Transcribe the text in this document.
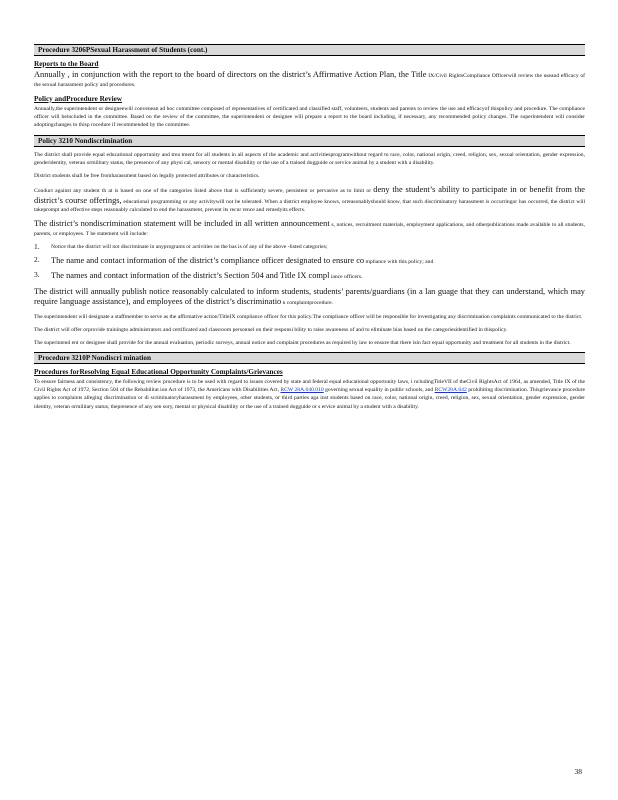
Procedure 3206PSexual Harassment of Students (cont.)
Reports to the Board
Annually , in conjunction with the report to the board of directors on the district’s Affirmative Action Plan, the Title IX/Civil RightsCompliance Officerwill review the useand efficacy of the sexual harassment policy and procedures.
Policy andProcedure Review
Annually,the superintendent or designeewill convenean ad hoc committee composed of representatives of certificated and classified staff, volunteers, students and parents to review the use and efficacyof thispolicy and procedure. The compliance officer will beincluded in the committee. Based on the review of the committee, the superintendent or designee will prepare a report to the board including, if necessary, any recommended policy changes. The superintendent will consider adoptingchanges to thisp rocedure if recommended by the committee.
Policy 3210 Nondiscrimination
The district shall provide equal educational opportunity and trea tment for all students in all aspects of the academic and activitiesprogramwithout regard to race, color, national origin, creed, religion, sex, sexual orientation, gender expression, genderidentity, veteran ormilitary status, the presence of any physi cal, sensory or mental disability or the use of a trained dogguide or service animal by a student with a disability.
District students shall be free fromharassment based on legally protected attributes or characteristics.
Conduct against any student th at is based on one of the categories listed above that is sufficiently severe, persistent or pervasive as to limit or deny the student’s ability to participate in or benefit from the district’s course offerings, educational programming or any activitywill not be tolerated. When a district employee knows, orreasonablyshould know, that such discriminatory harassment is occurringor has occurred, the district will takeprompt and effective steps reasonably calculated to end the harassment, prevent its recur rence and remedyits effects.
The district’s nondiscrimination statement will be included in all written announcement s, notices, recruitment materials, employment applications, and otherpublications made available to all students, parents, or employees. T he statement will include:
1.	Notice that the district will not discriminate in anyprograms or activities on the bas is of any of the above -listed categories;
2.	The name and contact information of the district’s compliance officer designated to ensure co mpliance with this policy; and
3.	The names and contact information of the district’s Section 504 and Title IX compl iance officers.
The district will annually publish notice reasonably calculated to inform students, students’ parents/guardians (in a lan guage that they can understand, which may require language assistance), and employees of the district’s discriminatio n complaintprocedure.
The superintendent will designate a staffmember to serve as the affirmative action/TitleIX compliance officer for this policy.The compliance officer will be responsible for investigating any discrimination complaints communicated to the district.
The district will offer orprovide trainingto administrators and certificated and classroom personnel on their responsi bility to raise awareness of and to eliminate bias based on the categoriesidentified in thispolicy.
The superintend ent or designee shall provide for the annual evaluation, periodic surveys, annual notice and complaint procedures as required by law to ensure that there isin fact equal opportunity and treatment for all students in the district.
Procedure 3210P Nondiscri mination
Procedures forResolving Equal Educational Opportunity Complaints/Grievances
To ensure fairness and consistency, the following review procedure is to be used with regard to issues covered by state and federal equal educational opportunity laws, i ncludingTitleVII of theCivil RightsAct of 1964, as amended, Title IX of the Civil Rights Act of 1972, Section 504 of the Rehabilitat ion Act of 1973, the Americans with Disabilities Act, RCW 28A.640.010 governing sexual equality in public schools, and RCW28A.642 prohibiting discrimination. Thisgrievance procedure applies to complaints alleging discrimination or di scriminatoryharassment by employees, other students, or third parties aga inst students based on race, color, national origin, creed, religion, sex, sexual orientation, gender expression, gender identity, veteran ormilitary status, thepresence of any sen sory, mental or physical disability or the use of a trained dogguide or s ervice animal by a student with a disability.
38
